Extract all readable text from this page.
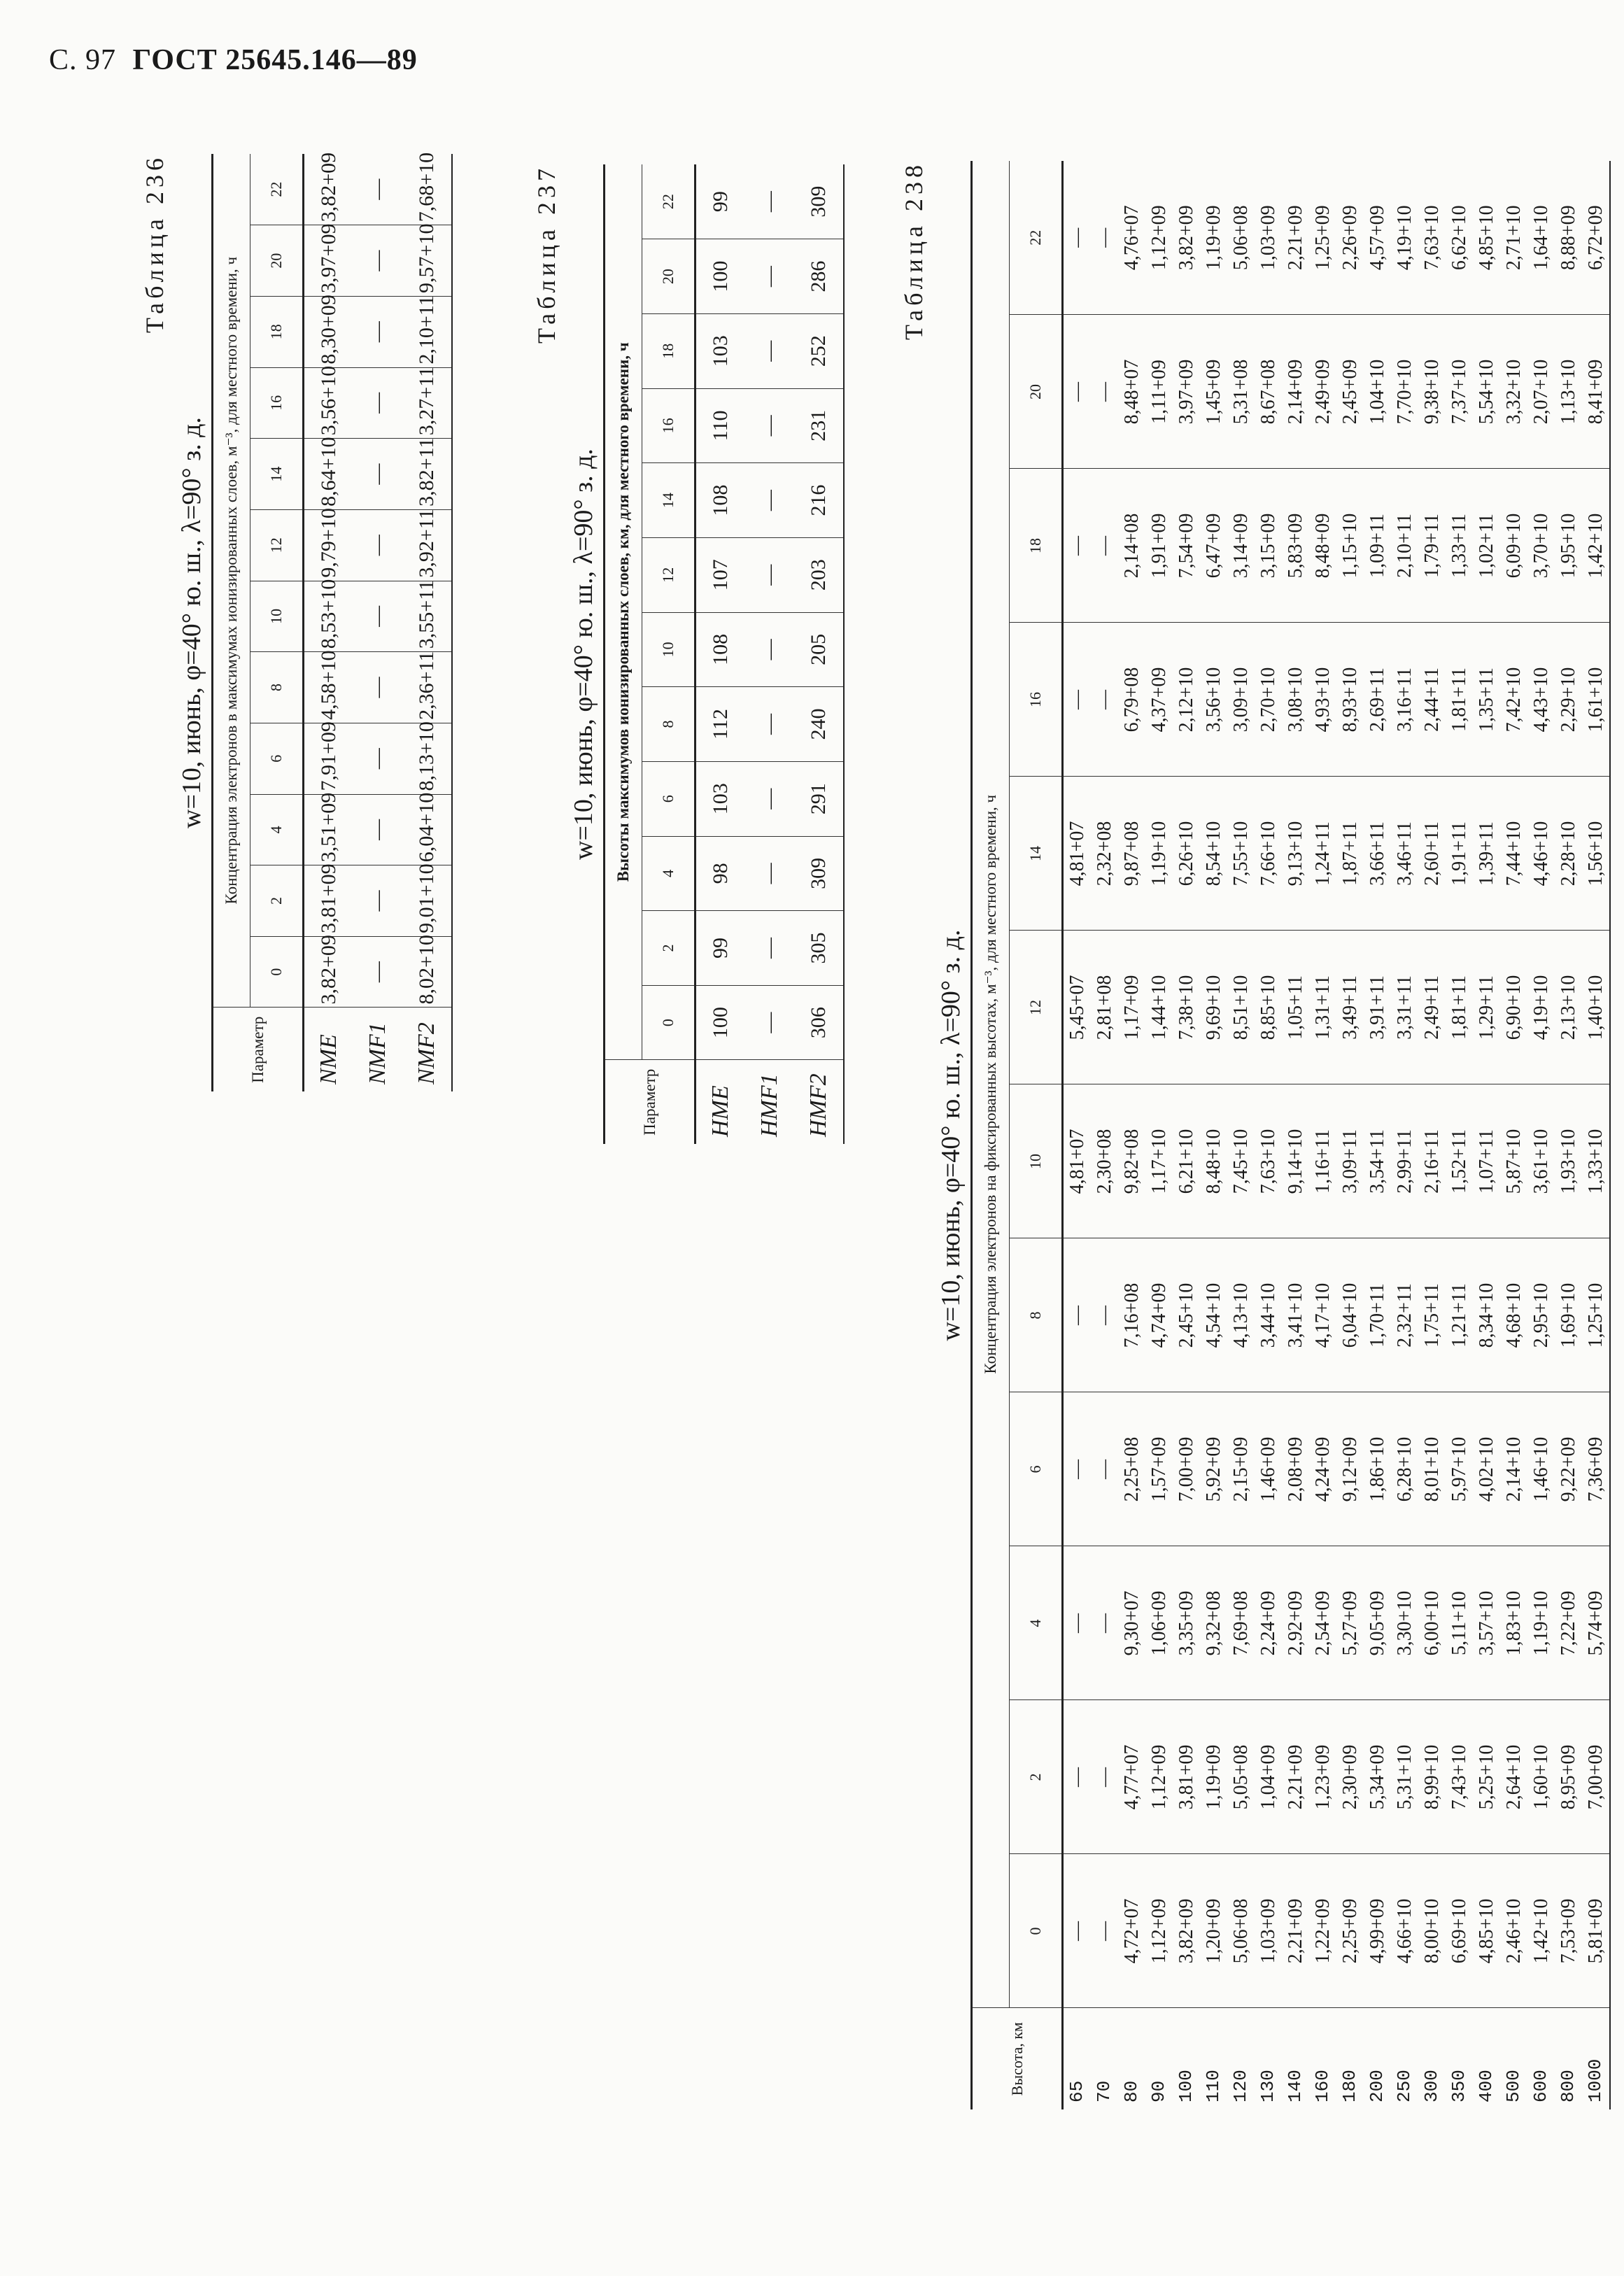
С. 97 ГОСТ 25645.146—89
Таблица 236
w=10, июнь, φ=40° ю. ш., λ=90° з. д.
Параметр	Концентрация электронов в максимумах ионизированных слоев, м⁻³, для местного времени, ч											
	0	2	4	6	8	10	12	14	16	18	20	22
NME	3,82+09	3,81+09	3,51+09	7,91+09	4,58+10	8,53+10	9,79+10	8,64+10	3,56+10	8,30+09	3,97+09	3,82+09
NMF1	—	—	—	—	—	—	—	—	—	—	—	—
NMF2	8,02+10	9,01+10	6,04+10	8,13+10	2,36+11	3,55+11	3,92+11	3,82+11	3,27+11	2,10+11	9,57+10	7,68+10	Таблица 237
w=10, июнь, φ=40° ю. ш., λ=90° з. д.
Параметр	Высоты максимумов ионизированных слоев, км, для местного времени, ч											
	0	2	4	6	8	10	12	14	16	18	20	22
HME	100	99	98	103	112	108	107	108	110	103	100	99
HMF1	—	—	—	—	—	—	—	—	—	—	—	—
HMF2	306	305	309	291	240	205	203	216	231	252	286	309	Таблица 238
w=10, июнь, φ=40° ю. ш., λ=90° з. д.
Высота, км	Концентрация электронов на фиксированных высотах, м⁻³, для местного времени, ч											
	0	2	4	6	8	10	12	14	16	18	20	22
65	—	—	—	—	—	4,81+07	5,45+07	4,81+07	—	—	—	—
70	—	—	—	—	—	2,30+08	2,81+08	2,32+08	—	—	—	—
80	4,72+07	4,77+07	9,30+07	2,25+08	7,16+08	9,82+08	1,17+09	9,87+08	6,79+08	2,14+08	8,48+07	4,76+07
90	1,12+09	1,12+09	1,06+09	1,57+09	4,74+09	1,17+10	1,44+10	1,19+10	4,37+09	1,91+09	1,11+09	1,12+09
100	3,82+09	3,81+09	3,35+09	7,00+09	2,45+10	6,21+10	7,38+10	6,26+10	2,12+10	7,54+09	3,97+09	3,82+09
110	1,20+09	1,19+09	9,32+08	5,92+09	4,54+10	8,48+10	9,69+10	8,54+10	3,56+10	6,47+09	1,45+09	1,19+09
120	5,06+08	5,05+08	7,69+08	2,15+09	4,13+10	7,45+10	8,51+10	7,55+10	3,09+10	3,14+09	5,31+08	5,06+08
130	1,03+09	1,04+09	2,24+09	1,46+09	3,44+10	7,63+10	8,85+10	7,66+10	2,70+10	3,15+09	8,67+08	1,03+09
140	2,21+09	2,21+09	2,92+09	2,08+09	3,41+10	9,14+10	1,05+11	9,13+10	3,08+10	5,83+09	2,14+09	2,21+09
160	1,22+09	1,23+09	2,54+09	4,24+09	4,17+10	1,16+11	1,31+11	1,24+11	4,93+10	8,48+09	2,49+09	1,25+09
180	2,25+09	2,30+09	5,27+09	9,12+09	6,04+10	3,09+11	3,49+11	1,87+11	8,93+10	1,15+10	2,45+09	2,26+09
200	4,99+09	5,34+09	9,05+09	1,86+10	1,70+11	3,54+11	3,91+11	3,66+11	2,69+11	1,09+11	1,04+10	4,57+09
250	4,66+10	5,31+10	3,30+10	6,28+10	2,32+11	2,99+11	3,31+11	3,46+11	3,16+11	2,10+11	7,70+10	4,19+10
300	8,00+10	8,99+10	6,00+10	8,01+10	1,75+11	2,16+11	2,49+11	2,60+11	2,44+11	1,79+11	9,38+10	7,63+10
350	6,69+10	7,43+10	5,11+10	5,97+10	1,21+11	1,52+11	1,81+11	1,91+11	1,81+11	1,33+11	7,37+10	6,62+10
400	4,85+10	5,25+10	3,57+10	4,02+10	8,34+10	1,07+11	1,29+11	1,39+11	1,35+11	1,02+11	5,54+10	4,85+10
500	2,46+10	2,64+10	1,83+10	2,14+10	4,68+10	5,87+10	6,90+10	7,44+10	7,42+10	6,09+10	3,32+10	2,71+10
600	1,42+10	1,60+10	1,19+10	1,46+10	2,95+10	3,61+10	4,19+10	4,46+10	4,43+10	3,70+10	2,07+10	1,64+10
800	7,53+09	8,95+09	7,22+09	9,22+09	1,69+10	1,93+10	2,13+10	2,28+10	2,29+10	1,95+10	1,13+10	8,88+09
1000	5,81+09	7,00+09	5,74+09	7,36+09	1,25+10	1,33+10	1,40+10	1,56+10	1,61+10	1,42+10	8,41+09	6,72+09
